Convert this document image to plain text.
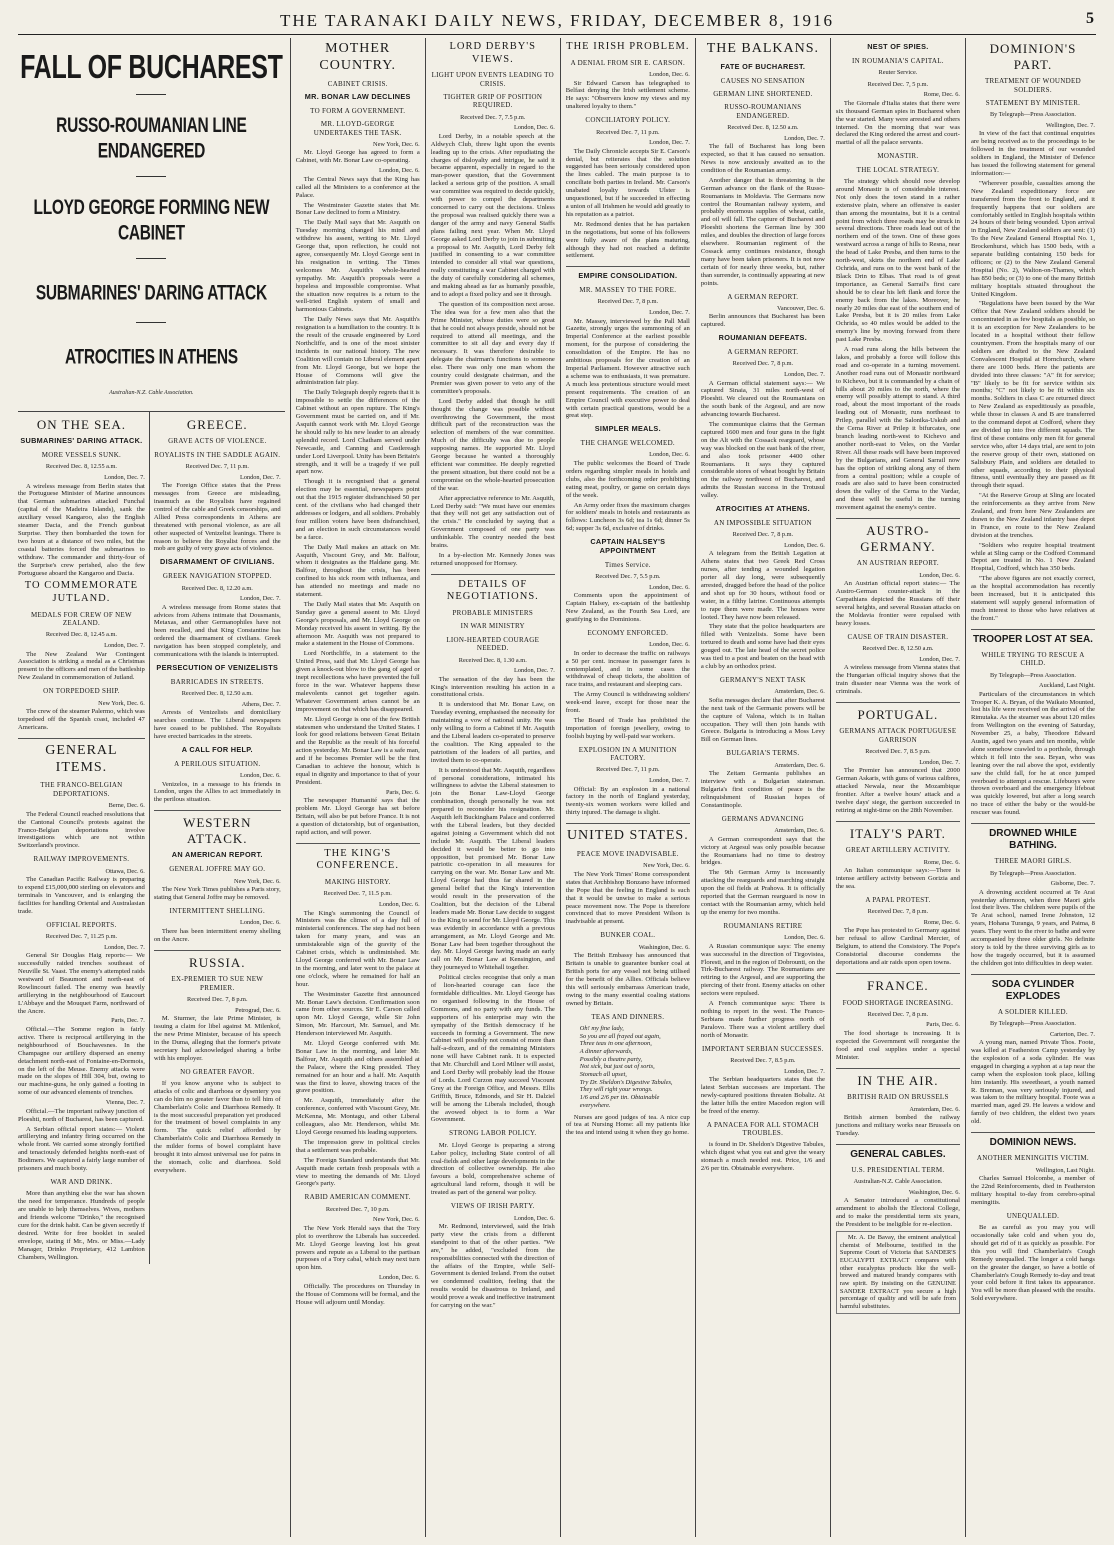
THE TARANAKI DAILY NEWS, FRIDAY, DECEMBER 8, 1916	5
FALL OF BUCHAREST
RUSSO-ROUMANIAN LINE ENDANGERED
LLOYD GEORGE FORMING NEW CABINET
SUBMARINES' DARING ATTACK
ATROCITIES IN ATHENS
Australian-N.Z. Cable Association.
ON THE SEA.
SUBMARINES' DARING ATTACK.
MORE VESSELS SUNK.
Received Dec. 8, 12.55 a.m.
London, Dec. 7.

A wireless message from Berlin states that the Portuguese Minister of Marine announces that German submarines attacked Funchal (capital of the Madeira Islands), sank the auxiliary vessel Kangaroo, also the English steamer Dacia, and the French gunboat Surprise. They then bombarded the town for two hours at a distance of two miles, but the coastal batteries forced the submarines to withdraw. The commander and thirty-four of the Surprise's crew perished, also the few Portuguese aboard the Kangaroo and Dacia.

TO COMMEMORATE JUTLAND.
MEDALS FOR CREW OF NEW ZEALAND.
Received Dec. 8, 12.45 a.m.
London, Dec. 7.

The New Zealand War Contingent Association is striking a medal as a Christmas present to the officers and men of the battleship New Zealand in commemoration of Jutland.

ON TORPEDOED SHIP.
New York, Dec. 6.

The crew of the steamer Palermo, which was torpedoed off the Spanish coast, included 47 Americans.

GENERAL ITEMS.
THE FRANCO-BELGIAN DEPORTATIONS.
Berne, Dec. 6.

The Federal Council reached resolutions that the Cantonal Council's protests against the Franco-Belgian deportations involve investigations which are not within Switzerland's province.

RAILWAY IMPROVEMENTS.
Ottawa, Dec. 6.

The Canadian Pacific Railway is preparing to expend £15,000,000 sterling on elevators and terminals in Vancouver, and is enlarging the facilities for handling Oriental and Australasian trade.

OFFICIAL REPORTS.
Received Dec. 7, 11.25 p.m.
London, Dec. 7.

General Sir Douglas Haig reports:— We successfully raided trenches southeast of Neuville St. Vaast. The enemy's attempted raids westward of Beaumont and north-east of Rowlincourt failed. The enemy was heavily artillerying in the neighbourhood of Eaucourt L'Abbaye and the Mouquet Farm, northward of the Ancre.

Paris, Dec. 7.

Official.—The Somme region is fairly active. There is reciprocal artillerying in the neighbourhood of Bouchavesnes. In the Champagne our artillery dispersed an enemy detachment north-east of Fontaine-en-Dormois, on the left of the Meuse. Enemy attacks were made on the slopes of Hill 304, but, owing to our machine-guns, he only gained a footing in some of our advanced elements of trenches.

Vienna, Dec. 7.

Official.—The important railway junction of Ploeshti, north of Bucharest, has been captured.

A Serbian official report states:— Violent artillerying and infantry firing occurred on the whole front. We carried some strongly fortified and tenaciously defended heights north-east of Bodimers. We captured a fairly large number of prisoners and much booty.

WAR AND DRINK.

More than anything else the war has shown the need for temperance. Hundreds of people are unable to help themselves. Wives, mothers and friends welcome "Drinko," the recognised cure for the drink habit. Can be given secretly if desired. Write for free booklet in sealed envelope, stating if Mr., Mrs. or Miss.—Lady Manager, Drinko Proprietary, 412 Lambton Chambers, Wellington.

GREECE.
GRAVE ACTS OF VIOLENCE.
ROYALISTS IN THE SADDLE AGAIN.
Received Dec. 7, 11 p.m.
London, Dec. 7.

The Foreign Office states that the Press messages from Greece are misleading, inasmuch as the Royalists have regained control of the cable and Greek censorships, and Allied Press correspondents in Athens are threatened with personal violence, as are all other suspected of Venizelist leanings. There is reason to believe the Royalist forces and the mob are guilty of very grave acts of violence.

DISARMAMENT OF CIVILIANS.
GREEK NAVIGATION STOPPED.
Received Dec. 8, 12.20 a.m.
London, Dec. 7.

A wireless message from Rome states that advices from Athens intimate that Dousmanis, Metaxas, and other Germanophiles have not been recalled, and that King Constantine has ordered the disarmament of civilians. Greek navigation has been stopped completely, and communications with the islands is interrupted.

PERSECUTION OF VENIZELISTS
BARRICADES IN STREETS.
Received Dec. 8, 12.50 a.m.
Athens, Dec. 7.

Arrests of Venizelists and domiciliary searches continue. The Liberal newspapers have ceased to be published. The Royalists have erected barricades in the streets.

A CALL FOR HELP.
A PERILOUS SITUATION.
London, Dec. 6.

Venizelos, in a message to his friends in London, urges the Allies to act immediately in the perilous situation.

WESTERN ATTACK.
AN AMERICAN REPORT.
GENERAL JOFFRE MAY GO.
New York, Dec. 6.

The New York Times publishes a Paris story, stating that General Joffre may be removed.

INTERMITTENT SHELLING.
London, Dec. 6.

There has been intermittent enemy shelling on the Ancre.

RUSSIA.
EX-PREMIER TO SUE NEW PREMIER.
Received Dec. 7, 8 p.m.
Petrograd, Dec. 6.

M. Sturmer, the late Prime Minister, is issuing a claim for libel against M. Milenkof, the new Prime Minister, because of his speech in the Duma, alleging that the former's private secretary had acknowledged sharing a bribe with his employer.

NO GREATER FAVOR.

If you know anyone who is subject to attacks of colic and diarrhoea or dysentery you can do him no greater favor than to tell him of Chamberlain's Colic and Diarrhoea Remedy. It is the most successful preparation yet produced for the treatment of bowel complaints in any form. The quick relief afforded by Chamberlain's Colic and Diarrhoea Remedy in the milder forms of bowel complaint have brought it into almost universal use for pains in the stomach, colic and diarrhoea. Sold everywhere.

MOTHER COUNTRY.
CABINET CRISIS.
MR. BONAR LAW DECLINES
TO FORM A GOVERNMENT.
MR. LLOYD-GEORGE UNDERTAKES THE TASK.
New York, Dec. 6.

Mr. Lloyd George has agreed to form a Cabinet, with Mr. Bonar Law co-operating.

London, Dec. 6.

The Central News says that the King has called all the Ministers to a conference at the Palace.

The Westminster Gazette states that Mr. Bonar Law declined to form a Ministry.

The Daily Mail says that Mr. Asquith on Tuesday morning changed his mind and withdrew his assent, writing to Mr. Lloyd George that, upon reflection, he could not agree, consequently Mr. Lloyd George sent in his resignation in writing. The Times welcomes Mr. Asquith's whole-hearted sympathy. Mr. Asquith's proposals were a hopeless and impossible compromise. What the situation now requires is a return to the well-tried English system of small and harmonious Cabinets.

The Daily News says that Mr. Asquith's resignation is a humiliation to the country. It is the result of the crusade engineered by Lord Northcliffe, and is one of the most sinister incidents in our national history. The new Coalition will contain no Liberal element apart from Mr. Lloyd George, but we hope the House of Commons will give the administration fair play.

The Daily Telegraph deeply regrets that it is impossible to settle the differences of the Cabinet without an open rupture. The King's Government must be carried on, and if Mr. Asquith cannot work with Mr. Lloyd George he should rally to his new leader to an already splendid record. Lord Chatham served under Newcastle, and Canning and Castlereagh under Lord Liverpool. Unity has been Britain's strength, and it will be a tragedy if we pull apart now.

Though it is recognised that a general election may be essential, newspapers point out that the 1915 register disfranchised 50 per cent. of the civilians who had changed their addresses or lodgers, and all soldiers. Probably four million voters have been disfranchised, and an election in such circumstances would be a farce.

The Daily Mail makes an attack on Mr. Asquith, Viscount Grey, and Mr. Balfour, whom it designates as the Haldane gang. Mr. Balfour, throughout the crisis, has been confined to his sick room with influenza, and has attended no meetings and made no statement.

The Daily Mail states that Mr. Asquith on Sunday gave a general assent to Mr. Lloyd George's proposals, and Mr. Lloyd George on Monday received his assent in writing. By the afternoon Mr. Asquith was not prepared to make a statement in the House of Commons.

Lord Northcliffe, in a statement to the United Press, said that Mr. Lloyd George has given a knock-out blow to the gang of aged or inept recollections who have prevented the full force in the war. Whatever happens these malevolents cannot get together again. Whatever Government arises cannot be an improvement on that which has disappeared.

Mr. Lloyd George is one of the few British statesmen who understand the United States. I look for good relations between Great Britain and the Republic as the result of his forceful action yesterday. Mr. Bonar Law is a safe man, and if he becomes Premier will be the first Canadian to achieve the honour, which is equal in dignity and importance to that of your President.

Paris, Dec. 6.

The newspaper Humanité says that the problem Mr. Lloyd George has set before Britain, will also be put before France. It is not a question of dictatorship, but of organisation, rapid action, and will power.

THE KING'S CONFERENCE.
MAKING HISTORY.
Received Dec. 7, 11.5 p.m.
London, Dec. 6.

The King's summoning the Council of Ministers was the climax of a day full of ministerial conferences. The step had not been taken for many years, and was an unmistakeable sign of the gravity of the Cabinet crisis, which is undiminished. Mr. Lloyd George conferred with Mr. Bonar Law in the morning, and later went to the palace at one o'clock, where he remained for half an hour.

The Westminster Gazette first announced Mr. Bonar Law's decision. Confirmation soon came from other sources. Sir E. Carson called upon Mr. Lloyd George, while Sir John Simon, Mr. Harcourt, Mr. Samuel, and Mr. Henderson interviewed Mr. Asquith.

Mr. Lloyd George conferred with Mr. Bonar Law in the morning, and later Mr. Balfour, Mr. Asquith and others assembled at the Palace, where the King presided. They remained for an hour and a half. Mr. Asquith was the first to leave, showing traces of the grave position.

Mr. Asquith, immediately after the conference, conferred with Viscount Grey, Mr. McKenna, Mr. Montagu, and other Liberal colleagues, also Mr. Henderson, whilst Mr. Lloyd George resumed his leading supporters.

The impression grew in political circles that a settlement was probable.

The Foreign Standard understands that Mr. Asquith made certain fresh proposals with a view to meeting the demands of Mr. Lloyd George's party.

RABID AMERICAN COMMENT.
Received Dec. 7, 10 p.m.
New York, Dec. 6.

The New York Herald says that the Tory plot to overthrow the Liberals has succeeded. Mr. Lloyd George leaving lost his great powers and repute as a Liberal to the partisan purposes of a Tory cabal, which may next turn upon him.

London, Dec. 6.

Officially. The procedures on Thursday in the House of Commons will be formal, and the House will adjourn until Monday.

LORD DERBY'S VIEWS.
LIGHT UPON EVENTS LEADING TO CRISIS.
TIGHTER GRIP OF POSITION REQUIRED.
Received Dec. 7, 7.5 p.m.
London, Dec. 6.

Lord Derby, in a notable speech at the Aldwych Club, threw light upon the events leading up to the crisis. After repudiating the charges of disloyalty and intrigue, he said it became apparent, especially in regard to the man-power question, that the Government lacked a serious grip of the position. A small war committee was required to decide quickly, with power to compel the departments concerned to carry out the decisions. Unless the proposal was realised quickly there was a danger of the army and navy General Staffs plans failing next year. When Mr. Lloyd George asked Lord Derby to join in submitting a proposal to Mr. Asquith, Lord Derby felt justified in consenting to a war committee intended to consider all vital war questions, really constituting a war Cabinet charged with the duty of carefully considering all schemes, and making ahead as far as humanly possible, and to adopt a fixed policy and see it through.

The question of its composition next arose. The idea was for a few men also that the Prime Minister, whose duties were so great that he could not always preside, should not be required to attend all meetings, and the committee to sit all day and every day if necessary. It was therefore desirable to delegate the chairman's functions to someone else. There was only one man whom the country could designate chairman, and the Premier was given power to veto any of the committee's proposals.

Lord Derby added that though he still thought the change was possible without overthrowing the Government, the most difficult part of the reconstruction was the selection of members of the war committee. Much of the difficulty was due to people supposing names. He supported Mr. Lloyd George because he wanted a thoroughly efficient war committee. He deeply regretted the present situation, but there could not be a compromise on the whole-hearted prosecution of the war.

After appreciative reference to Mr. Asquith, Lord Derby said: "We must have our enemies that they will not get any satisfaction out of the crisis." He concluded by saying that a Government composed of one party was unthinkable. The country needed the best brains.

In a by-election Mr. Kennedy Jones was returned unopposed for Hornsey.

DETAILS OF NEGOTIATIONS.
PROBABLE MINISTERS
IN WAR MINISTRY
LION-HEARTED COURAGE NEEDED.
Received Dec. 8, 1.30 a.m.
London, Dec. 7.

The sensation of the day has been the King's intervention resulting his action in a constitutional crisis.

It is understood that Mr. Bonar Law, on Tuesday evening, emphasised the necessity for maintaining a vow of national unity. He was only willing to form a Cabinet if Mr. Asquith and the Liberal leaders co-operated to preserve the coalition. The King appealed to the patriotism of the leaders of all parties, and invited them to co-operate.

It is understood that Mr. Asquith, regardless of personal considerations, intimated his willingness to advise the Liberal statesmen to join the Bonar Law-Lloyd George combination, though personally he was not prepared to reconsider his resignation. Mr. Asquith left Buckingham Palace and conferred with the Liberal leaders, but they decided against joining a Government which did not include Mr. Asquith. The Liberal leaders decided it would be better to go into opposition, but promised Mr. Bonar Law patriotic co-operation in all measures for carrying on the war. Mr. Bonar Law and Mr. Lloyd George had thus far shared in the general belief that the King's intervention would result in the preservation of the Coalition, but the decision of the Liberal leaders made Mr. Bonar Law decide to suggest to the King to send for Mr. Lloyd George. This was evidently in accordance with a previous arrangement, as Mr. Lloyd George and Mr. Bonar Law had been together throughout the day. Mr. Lloyd George having made an early call on Mr. Bonar Law at Kensington, and they journeyed to Whitehall together.

Political circles recognise that only a man of lion-hearted courage can face the formidable difficulties. Mr. Lloyd George has no organised following in the House of Commons, and no party with any funds. The supporters of his enterprise may win the sympathy of the British democracy if he succeeds in forming a Government. The new Cabinet will possibly not consist of more than half-a-dozen, and of the remaining Ministers none will have Cabinet rank. It is expected that Mr. Churchill and Lord Milner will assist, and Lord Derby will probably lead the House of Lords. Lord Curzon may succeed Viscount Grey at the Foreign Office, and Messrs. Ellis Griffith, Bruce, Edmonds, and Sir H. Dalziel will be among the Liberals included, though the avowed object is to form a War Government.

STRONG LABOR POLICY.

Mr. Lloyd George is preparing a strong Labor policy, including State control of all coal-fields and other large developments in the direction of collective ownership. He also favours a bold, comprehensive scheme of agricultural land reform, though it will be treated as part of the general war policy.

VIEWS OF IRISH PARTY.
London, Dec. 6.

Mr. Redmond, interviewed, said the Irish party view the crisis from a different standpoint to that of the other parties. "We are," he added, "excluded from the responsibilities connected with the direction of the affairs of the Empire, while Self-Government is denied Ireland. From the outset we condemned coalition, feeling that the results would be disastrous to Ireland, and would prove a weak and ineffective instrument for carrying on the war."

THE IRISH PROBLEM.
A DENIAL FROM SIR E. CARSON.
London, Dec. 6.

Sir Edward Carson has telegraphed to Belfast denying the Irish settlement scheme. He says: "Observers know my views and my unaltered loyalty to them."

CONCILIATORY POLICY.
Received Dec. 7, 11 p.m.
London, Dec. 7.

The Daily Chronicle accepts Sir E. Carson's denial, but reiterates that the solution suggested has been seriously considered upon the lines cabled. The main purpose is to conciliate both parties in Ireland. Mr. Carson's unabated loyalty towards Ulster is unquestioned, but if he succeeded in effecting a union of all Irishmen he would add greatly to his reputation as a patriot.

Mr. Redmond denies that he has partaken in the negotiations, but some of his followers were fully aware of the plans maturing, although they had not reached a definite settlement.

EMPIRE CONSOLIDATION.
MR. MASSEY TO THE FORE.
Received Dec. 7, 8 p.m.
London, Dec. 7.

Mr. Massey, interviewed by the Pall Mall Gazette, strongly urges the summoning of an Imperial Conference at the earliest possible moment, for the purpose of considering the consolidation of the Empire. He has no ambitious proposals for the creation of an Imperial Parliament. However attractive such a scheme was to enthusiasts, it was premature. A much less pretentious structure would meet present requirements. The creation of an Empire Council with executive power to deal with certain practical questions, would be a great step.

SIMPLER MEALS.
THE CHANGE WELCOMED.
London, Dec. 6.

The public welcomes the Board of Trade orders regarding simpler meals in hotels and clubs, also the forthcoming order prohibiting eating meat, poultry, or game on certain days of the week.

An Army order fixes the maximum charges for soldiers' meals in hotels and restaurants as follows: Luncheon 3s 6d; tea 1s 6d; dinner 5s 6d; supper 3s 6d, exclusive of drinks.

CAPTAIN HALSEY'S APPOINTMENT
Times Service.
Received Dec. 7, 5.5 p.m.
London, Dec. 6.

Comments upon the appointment of Captain Halsey, ex-captain of the battleship New Zealand, as the Fourth Sea Lord, are gratifying to the Dominions.

ECONOMY ENFORCED.
London, Dec. 6.

In order to decrease the traffic on railways a 50 per cent. increase in passenger fares is contemplated, and in some cases the withdrawal of cheap tickets, the abolition of race trains, and restaurant and sleeping cars.

The Army Council is withdrawing soldiers' week-end leave, except for those near the front.

The Board of Trade has prohibited the importation of foreign jewellery, owing to foolish buying by well-paid war workers.

EXPLOSION IN A MUNITION FACTORY.
Received Dec. 7, 11 p.m.
London, Dec. 7.

Official: By an explosion in a national factory in the north of England yesterday, twenty-six women workers were killed and thirty injured. The damage is slight.

UNITED STATES.
PEACE MOVE INADVISABLE.
New York, Dec. 6.

The New York Times' Rome correspondent states that Archbishop Bonzano have informed the Pope that the feeling in England is such that it would be unwise to make a serious peace movement now. The Pope is therefore convinced that to move President Wilson is inadvisable at present.

BUNKER COAL.
Washington, Dec. 6.

The British Embassy has announced that Britain is unable to guarantee bunker coal at British ports for any vessel not being utilised for the benefit of the Allies. Officials believe this will seriously embarrass American trade, owing to the many essential coaling stations owned by Britain.

TEAS AND DINNERS.
Oh! my fine lady,
So you are all frayed out again,
Three teas in one afternoon,
A dinner afterwards,
Possibly a theatre party,
Not sick, but just out of sorts,
Stomach all upset,
Try Dr. Sheldon's Digestive Tabules,
They will right your wrongs.
1/6 and 2/6 per tin. Obtainable everywhere.

Nurses are good judges of tea. A nice cup of tea at Nursing Home: all my patients like the tea and intend using it when they go home.

THE BALKANS.
FATE OF BUCHAREST.
CAUSES NO SENSATION
GERMAN LINE SHORTENED.
RUSSO-ROUMANIANS ENDANGERED.
Received Dec. 8, 12.50 a.m.
London, Dec. 7.

The fall of Bucharest has long been expected, so that it has caused no sensation. News is now anxiously awaited as to the condition of the Roumanian army.

Another danger that is threatening is the German advance on the flank of the Russo-Roumanians in Moldavia. The Germans now control the Roumanian railway system, and probably enormous supplies of wheat, cattle, and oil will fall. The capture of Bucharest and Ploeshti shortens the German line by 300 miles, and doubles the direction of large forces elsewhere. Roumanian regiment of the Cossack army continues resistance, though many have been taken prisoners. It is not now certain of for nearly three weeks, but, rather than surrender, is continually appearing at new points.

A GERMAN REPORT.
Vancouver, Dec. 6.

Berlin announces that Bucharest has been captured.

ROUMANIAN DEFEATS.
A GERMAN REPORT.
Received Dec. 7, 8 p.m.
London, Dec. 7.

A German official statement says:— We captured Sinaia, 31 miles north-west of Ploeshti. We cleared out the Roumanians on the south bank of the Argesul, and are now advancing towards Bucharest.

The communique claims that the German captured 1600 men and four guns in the fight on the Alt with the Cossack rearguard, whose way was blocked on the east bank of the river, and also took prisoner 4400 other Roumanians. It says they captured considerable stores of wheat bought by Britain on the railway northwest of Bucharest, and admits the Russian success in the Trotusul valley.

ATROCITIES AT ATHENS.
AN IMPOSSIBLE SITUATION
Received Dec. 7, 8 p.m.
London, Dec. 6.

A telegram from the British Legation at Athens states that two Greek Red Cross nurses, after tending a wounded legation porter all day long, were subsequently arrested, dragged before the head of the police and shot up for 30 hours, without food or water, in a filthy latrine. Continuous attempts to rape them were made. The houses were looted. They have now been released.

They state that the police headquarters are filled with Venizelists. Some have been tortured to death and some have had their eyes gouged out. The late head of the secret police was tied to a post and beaten on the head with a club by an orthodox priest.

GERMANY'S NEXT TASK
Amsterdam, Dec. 6.

Sofia messages declare that after Bucharest the next task of the Germanic powers will be the capture of Valona, which is in Italian occupation. They will then join hands with Greece. Bulgaria is introducing a Moss Levy Bill on German lines.

BULGARIA'S TERMS.
Amsterdam, Dec. 6.

The Zeitam Germania publishes an interview with a Bulgarian statesman. Bulgaria's first condition of peace is the relinquishment of Russian hopes of Constantinople.

GERMANS ADVANCING
Amsterdam, Dec. 6.

A German correspondent says that the victory at Argesul was only possible because the Roumanians had no time to destroy bridges.

The 9th German Army is incessantly attacking the rearguards and marching straight upon the oil fields at Prahova. It is officially reported that the German rearguard is now in contact with the Roumanian army, which held up the enemy for two months.

ROUMANIANS RETIRE
London, Dec. 6.

A Russian communique says: The enemy was successful in the direction of Tirgovistea, Floresti, and in the region of Dobrounti, on the Tirk-Bucharest railway. The Roumanians are retiring to the Argesul, and are supporting the piercing of their front. Enemy attacks on other sectors were repulsed.

A French communique says: There is nothing to report in the west. The Franco-Serbians made further progress north of Paralovo. There was a violent artillery duel north of Monastir.

IMPORTANT SERBIAN SUCCESSES.
Received Dec. 7, 8.5 p.m.
London, Dec. 7.

The Serbian headquarters states that the latest Serbian successes are important. The newly-captured positions threaten Bobaliz. At the latter hills the entire Macedon region will be freed of the enemy.

A PANACEA FOR ALL STOMACH TROUBLES.

is found in Dr. Sheldon's Digestive Tabules, which digest what you eat and give the weary stomach a much needed rest. Price, 1/6 and 2/6 per tin. Obtainable everywhere.

NEST OF SPIES.
IN ROUMANIA'S CAPITAL.
Reuter Service.
Received Dec. 7, 5 p.m.
Rome, Dec. 6.

The Giornale d'Italia states that there were six thousand German spies in Bucharest when the war started. Many were arrested and others interned. On the morning that war was declared the King ordered the arrest and court-martial of all the palace servants.

MONASTIR.
THE LOCAL STRATEGY.

The strategy which should now develop around Monastir is of considerable interest. Not only does the town stand in a rather extensive plain, where an offensive is easier than among the mountains, but it is a central point from which three roads may be struck in several directions. Three roads lead out of the northern end of the town. One of these goes westward across a range of hills to Resna, near the head of Lake Presba, and then turns to the north-west, skirts the northern end of Lake Ochrida, and runs on to the west bank of the Black Drin to Elbas. That road is of great importance, as General Sarrail's first care should be to clear his left flank and force the enemy back from the lakes. Moreover, he nearly 20 miles due east of the southern end of Lake Presba, but it is 20 miles from Lake Ochrida, so 40 miles would be added to the enemy's line by moving forward from there past Lake Presba.

A road runs along the hills between the lakes, and probably a force will follow this road and co-operate in a turning movement. Another road runs out of Monastir northward to Kichevo, but it is commanded by a chain of hills about 20 miles to the north, where the enemy will possibly attempt to stand. A third road, about the most important of the roads leading out of Monastir, runs northeast to Prilep, parallel with the Salonika-Uskub and the Cerna River at Prilep it bifurcates, one branch leading north-west to Kichevo and another north-east to Veles, on the Vardar River. All these roads will have been improved by the Bulgarians, and General Sarrail now has the option of striking along any of them from a central position; while a couple of roads are also said to have been constructed down the valley of the Cerna to the Vardar, and these will be useful in the turning movement against the enemy's centre.

AUSTRO-GERMANY.
AN AUSTRIAN REPORT.
London, Dec. 6.

An Austrian official report states:— The Austro-German counter-attack in the Carpathians depicted the Russians off their several heights, and several Russian attacks on the Moldavia frontier were repulsed with heavy losses.

CAUSE OF TRAIN DISASTER.
Received Dec. 8, 12.50 a.m.
London, Dec. 7.

A wireless message from Vienna states that the Hungarian official inquiry shows that the train disaster near Vienna was the work of criminals.

PORTUGAL.
GERMANS ATTACK PORTUGUESE GARRISON
Received Dec. 7, 8.5 p.m.
London, Dec. 7.

The Premier has announced that 2000 German Askaris, with guns of various calibres, attacked Newala, near the Mozambique frontier. After a twelve hours' attack and a twelve days' siege, the garrison succeeded in retiring at night-time on the 28th November.

ITALY'S PART.
GREAT ARTILLERY ACTIVITY.
Rome, Dec. 6.

An Italian communique says:—There is intense artillery activity between Gorizia and the sea.

A PAPAL PROTEST.
Received Dec. 7, 8 p.m.
Rome, Dec. 6.

The Pope has protested to Germany against her refusal to allow Cardinal Mercier, of Belgium, to attend the Consistory. The Pope's Consistorial discourse condemns the deportations and air raids upon open towns.

FRANCE.
FOOD SHORTAGE INCREASING.
Received Dec. 7, 8 p.m.
Paris, Dec. 6.

The food shortage is increasing. It is expected the Government will reorganise the food and coal supplies under a special Minister.

IN THE AIR.
BRITISH RAID ON BRUSSELS
Amsterdam, Dec. 6.

British airmen bombed the railway junctions and military works near Brussels on Tuesday.

GENERAL CABLES.
U.S. PRESIDENTIAL TERM.
Australian-N.Z. Cable Association.
Washington, Dec. 6.

A Senator introduced a constitutional amendment to abolish the Electoral College, and to make the presidential term six years, the President to be ineligible for re-election.

Mr. A. De Bavay, the eminent analytical chemist of Melbourne, testified in the Supreme Court of Victoria that SANDER'S EUCALYPTI EXTRACT compares with other eucalyptus products like the well-brewed and matured brandy compares with raw spirit. By insisting on the GENUINE SANDER EXTRACT you secure a high percentage of quality and will be safe from harmful substitutes.

DOMINION'S PART.
TREATMENT OF WOUNDED SOLDIERS.
STATEMENT BY MINISTER.
By Telegraph—Press Association.
Wellington, Dec. 7.

In view of the fact that continual enquiries are being received as to the proceedings to be followed in the treatment of our wounded soldiers in England, the Minister of Defence has issued the following statement for general information:—

"Wherever possible, casualties among the New Zealand expeditionary force are transferred from the front to England, and it frequently happens that our soldiers are comfortably settled in English hospitals within 24 hours of their being wounded. Upon arrival in England, New Zealand soldiers are sent: (1) To the New Zealand General Hospital No. 1, Brockenhurst, which has 1500 beds, with a separate building containing 150 beds for officers; or (2) to the New Zealand General Hospital (No. 2), Walton-on-Thames, which has 850 beds; or (3) to one of the many British military hospitals situated throughout the United Kingdom.

"Regulations have been issued by the War Office that New Zealand soldiers should be concentrated in as few hospitals as possible, so it is an exception for New Zealanders to be located in a hospital without their fellow countrymen. From the hospitals many of our soldiers are drafted to the New Zealand Convalescent Hospital at Hornchurch, where there are 1000 beds. Here the patients are divided into three classes: "A" fit for service; "B" likely to be fit for service within six months; "C" not likely to be fit within six months. Soldiers in class C are returned direct to New Zealand as expeditiously as possible, while those in classes A and B are transferred to the command depot at Codford, where they are divided up into five different squads. The first of these contains only men fit for general service who, after 14 days trial, are sent to join the reserve group of their own, stationed on Salisbury Plain, and soldiers are detailed to other squads, according to their physical fitness, until eventually they are passed as fit through their squad.

"At the Reserve Group at Sling are located the reinforcements as they arrive from New Zealand, and from here New Zealanders are drawn to the New Zealand infantry base depot in France, en route to the New Zealand division at the trenches.

"Soldiers who require hospital treatment while at Sling camp or the Codford Command Depot are treated in No. 1 New Zealand Hospital, Codford, which has 350 beds.

"The above figures are not exactly correct, as the hospital accommodation has recently been increased, but it is anticipated this statement will supply general information of much interest to those who have relatives at the front."

TROOPER LOST AT SEA.
WHILE TRYING TO RESCUE A CHILD.
By Telegraph—Press Association.
Auckland, Last Night.

Particulars of the circumstances in which Trooper K. A. Bryan, of the Waikato Mounted, lost his life were received on the arrival of the Rimutaka. As the steamer was about 120 miles from Wellington on the evening of Saturday, November 25, a baby, Theodore Edward Austin, aged two years and ten months, while alone somehow crawled to a porthole, through which it fell into the sea. Bryan, who was leaning over the rail above the spot, evidently saw the child fall, for he at once jumped overboard to attempt a rescue. Lifebuoys were thrown overboard and the emergency lifeboat was quickly lowered, but after a long search no trace of either the baby or the would-be rescuer was found.

DROWNED WHILE BATHING.
THREE MAORI GIRLS.
By Telegraph—Press Association.
Gisborne, Dec. 7.

A drowning accident occurred at Te Arai yesterday afternoon, when three Maori girls lost their lives. The children were pupils of the Te Arai school, named Irene Johnston, 12 years, Hohana Turanga, 9 years, and Paima, 8 years. They went to the river to bathe and were accompanied by three older girls. No definite story is told by the three surviving girls as to how the tragedy occurred, but it is assumed the children got into difficulties in deep water.

SODA CYLINDER EXPLODES
A SOLDIER KILLED.
By Telegraph—Press Association.
Carterton, Dec. 7.

A young man, named Private Thos. Foote, was killed at Featherston Camp yesterday by the explosion of a soda cylinder. He was engaged in charging a syphon at a tap near the camp when the explosion took place, killing him instantly. His sweetheart, a youth named R. Brennan, was very seriously injured, and was taken to the military hospital. Foote was a married man, aged 29. He leaves a widow and family of two children, the eldest two years old.

DOMINION NEWS.
ANOTHER MENINGITIS VICTIM.
Wellington, Last Night.

Charles Samuel Holcombe, a member of the 22nd Reinforcements, died in Featherston military hospital to-day from cerebro-spinal meningitis.

UNEQUALLED.

Be as careful as you may you will occasionally take cold and when you do, should get rid of it as quickly as possible. For this you will find Chamberlain's Cough Remedy unequalled. The longer a cold hangs on the greater the danger, so have a bottle of Chamberlain's Cough Remedy to-day and treat your cold before it first takes its appearance. You will be more than pleased with the results. Sold everywhere.
